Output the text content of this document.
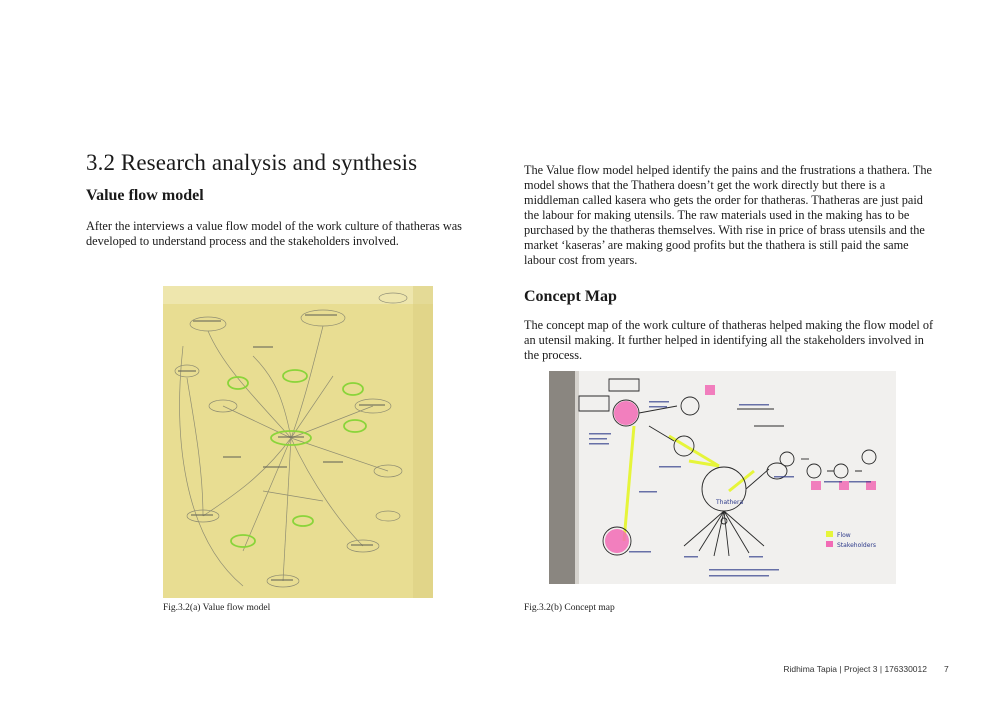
3.2 Research analysis and synthesis
Value flow model

After the interviews a value flow model of the work culture of thatheras was developed to understand process and the stakeholders involved.

Fig.3.2(a) Value flow model

The Value flow model helped identify the pains and the frustrations a thathera. The model shows that the Thathera doesn’t get the work directly but there is a middleman called kasera who gets the order for thatheras. Thatheras are just paid the labour for making utensils. The raw materials used in the making has to be purchased by the thatheras themselves. With rise in price of brass utensils and the market ‘kaseras’ are making good profits but the thathera is still paid the same labour cost from years.

Concept Map

The concept map of the work culture of thatheras helped making the flow model of an utensil making. It further helped in identifying all the stakeholders involved in the process.

Thathera
Flow
Stakeholders
Fig.3.2(b) Concept map
Ridhima Tapia | Project 3 | 176330012 7
